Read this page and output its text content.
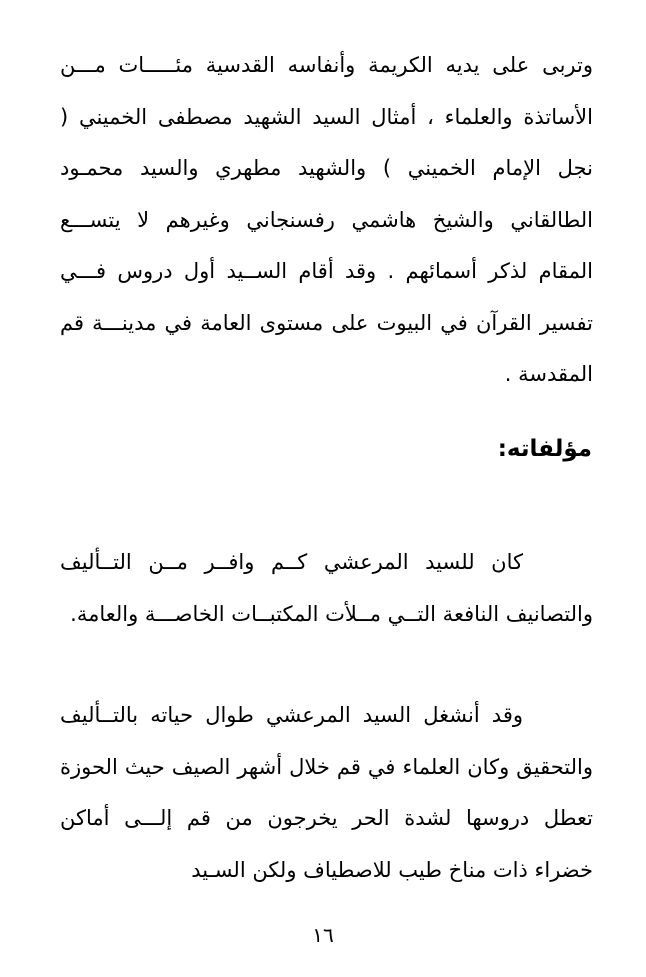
وتربى على يديه الكريمة وأنفاسه القدسية مئـــــات مـــن الأساتذة والعلماء ، أمثال السيد الشهيد مصطفى الخميني ( نجل الإمام الخميني ) والشهيد مطهري والسيد محمـود الطالقاني والشيخ هاشمي رفسنجاني وغيرهم لا يتســـع المقام لذكر أسمائهم . وقد أقام الســيد أول دروس فـــي تفسير القرآن في البيوت على مستوى العامة في مدينـــة قم المقدسة .

مؤلفاته:

كان للسيد المرعشي كــم وافــر مــن التــأليف والتصانيف النافعة التــي مــلأت المكتبــات الخاصـــة والعامة.

وقد أنشغل السيد المرعشي طوال حياته بالتــأليف والتحقيق وكان العلماء في قم خلال أشهر الصيف حيث الحوزة تعطل دروسها لشدة الحر يخرجون من قم إلـــى أماكن خضراء ذات مناخ طيب للاصطياف ولكن السـيد

١٦
